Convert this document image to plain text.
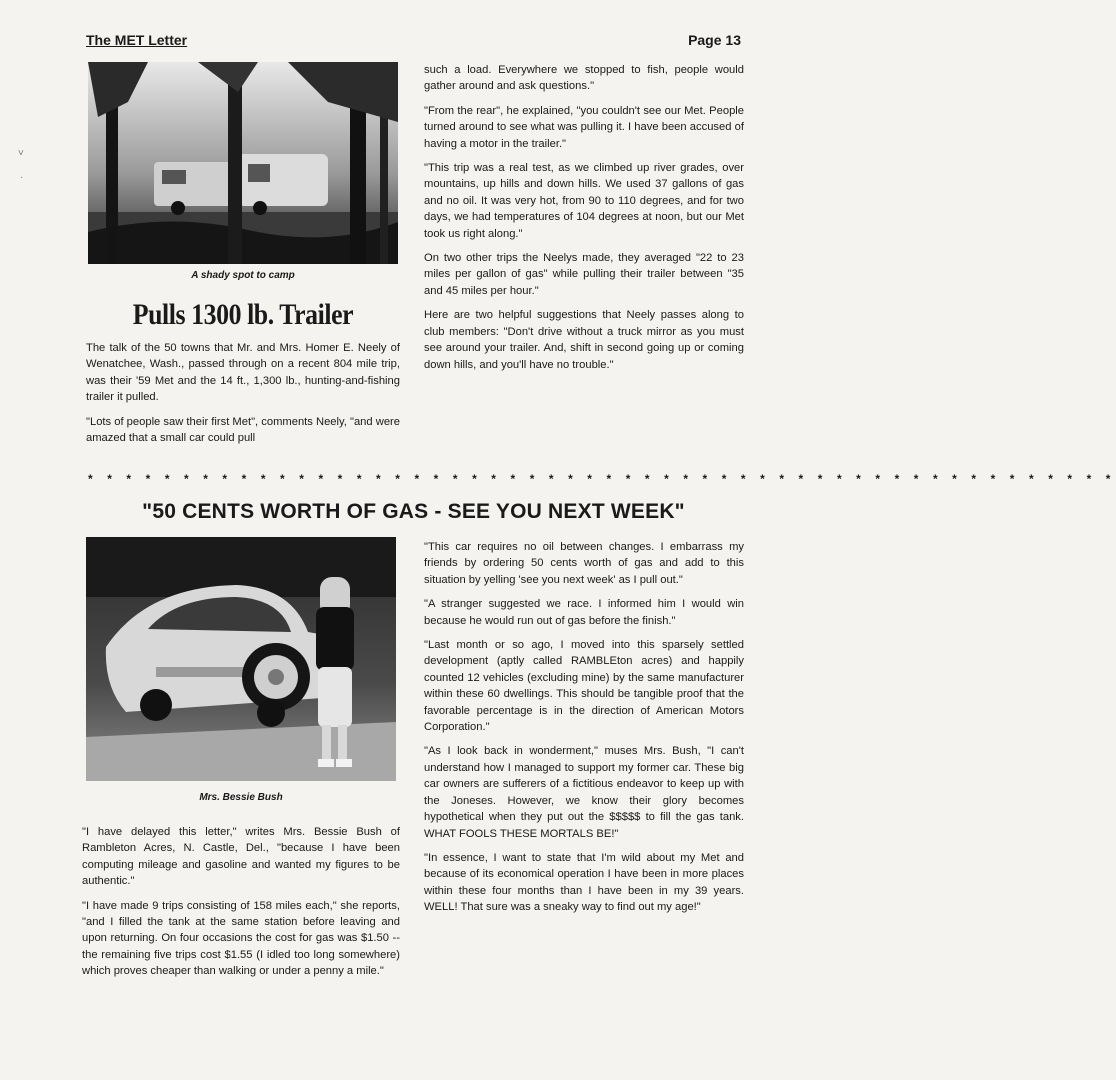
The MET Letter	Page 13
˅
·
A shady spot to camp
Pulls 1300 lb. Trailer

The talk of the 50 towns that Mr. and Mrs. Homer E. Neely of Wenatchee, Wash., passed through on a recent 804 mile trip, was their '59 Met and the 14 ft., 1,300 lb., hunting-and-fishing trailer it pulled.

"Lots of people saw their first Met", comments Neely, "and were amazed that a small car could pull

such a load. Everywhere we stopped to fish, people would gather around and ask questions."

"From the rear", he explained, "you couldn't see our Met. People turned around to see what was pulling it. I have been accused of having a motor in the trailer."

"This trip was a real test, as we climbed up river grades, over mountains, up hills and down hills. We used 37 gallons of gas and no oil. It was very hot, from 90 to 110 degrees, and for two days, we had temperatures of 104 degrees at noon, but our Met took us right along."

On two other trips the Neelys made, they averaged "22 to 23 miles per gallon of gas" while pulling their trailer between "35 and 45 miles per hour."

Here are two helpful suggestions that Neely passes along to club members: "Don't drive without a truck mirror as you must see around your trailer. And, shift in second going up or coming down hills, and you'll have no trouble."

* * * * * * * * * * * * * * * * * * * * * * * * * * * * * * * * * * * * * * * * * * * * * * * * * * * * * *
"50 CENTS WORTH OF GAS - SEE YOU NEXT WEEK"
Mrs. Bessie Bush

"I have delayed this letter," writes Mrs. Bessie Bush of Rambleton Acres, N. Castle, Del., "because I have been computing mileage and gasoline and wanted my figures to be authentic."

"I have made 9 trips consisting of 158 miles each," she reports, "and I filled the tank at the same station before leaving and upon returning. On four occasions the cost for gas was $1.50 -- the remaining five trips cost $1.55 (I idled too long somewhere) which proves cheaper than walking or under a penny a mile."

"This car requires no oil between changes. I embarrass my friends by ordering 50 cents worth of gas and add to this situation by yelling 'see you next week' as I pull out."

"A stranger suggested we race. I informed him I would win because he would run out of gas before the finish."

"Last month or so ago, I moved into this sparsely settled development (aptly called RAMBLEton acres) and happily counted 12 vehicles (excluding mine) by the same manufacturer within these 60 dwellings. This should be tangible proof that the favorable percentage is in the direction of American Motors Corporation."

"As I look back in wonderment," muses Mrs. Bush, "I can't understand how I managed to support my former car. These big car owners are sufferers of a fictitious endeavor to keep up with the Joneses. However, we know their glory becomes hypothetical when they put out the $$$$$ to fill the gas tank. WHAT FOOLS THESE MORTALS BE!"

"In essence, I want to state that I'm wild about my Met and because of its economical operation I have been in more places within these four months than I have been in my 39 years. WELL! That sure was a sneaky way to find out my age!"
